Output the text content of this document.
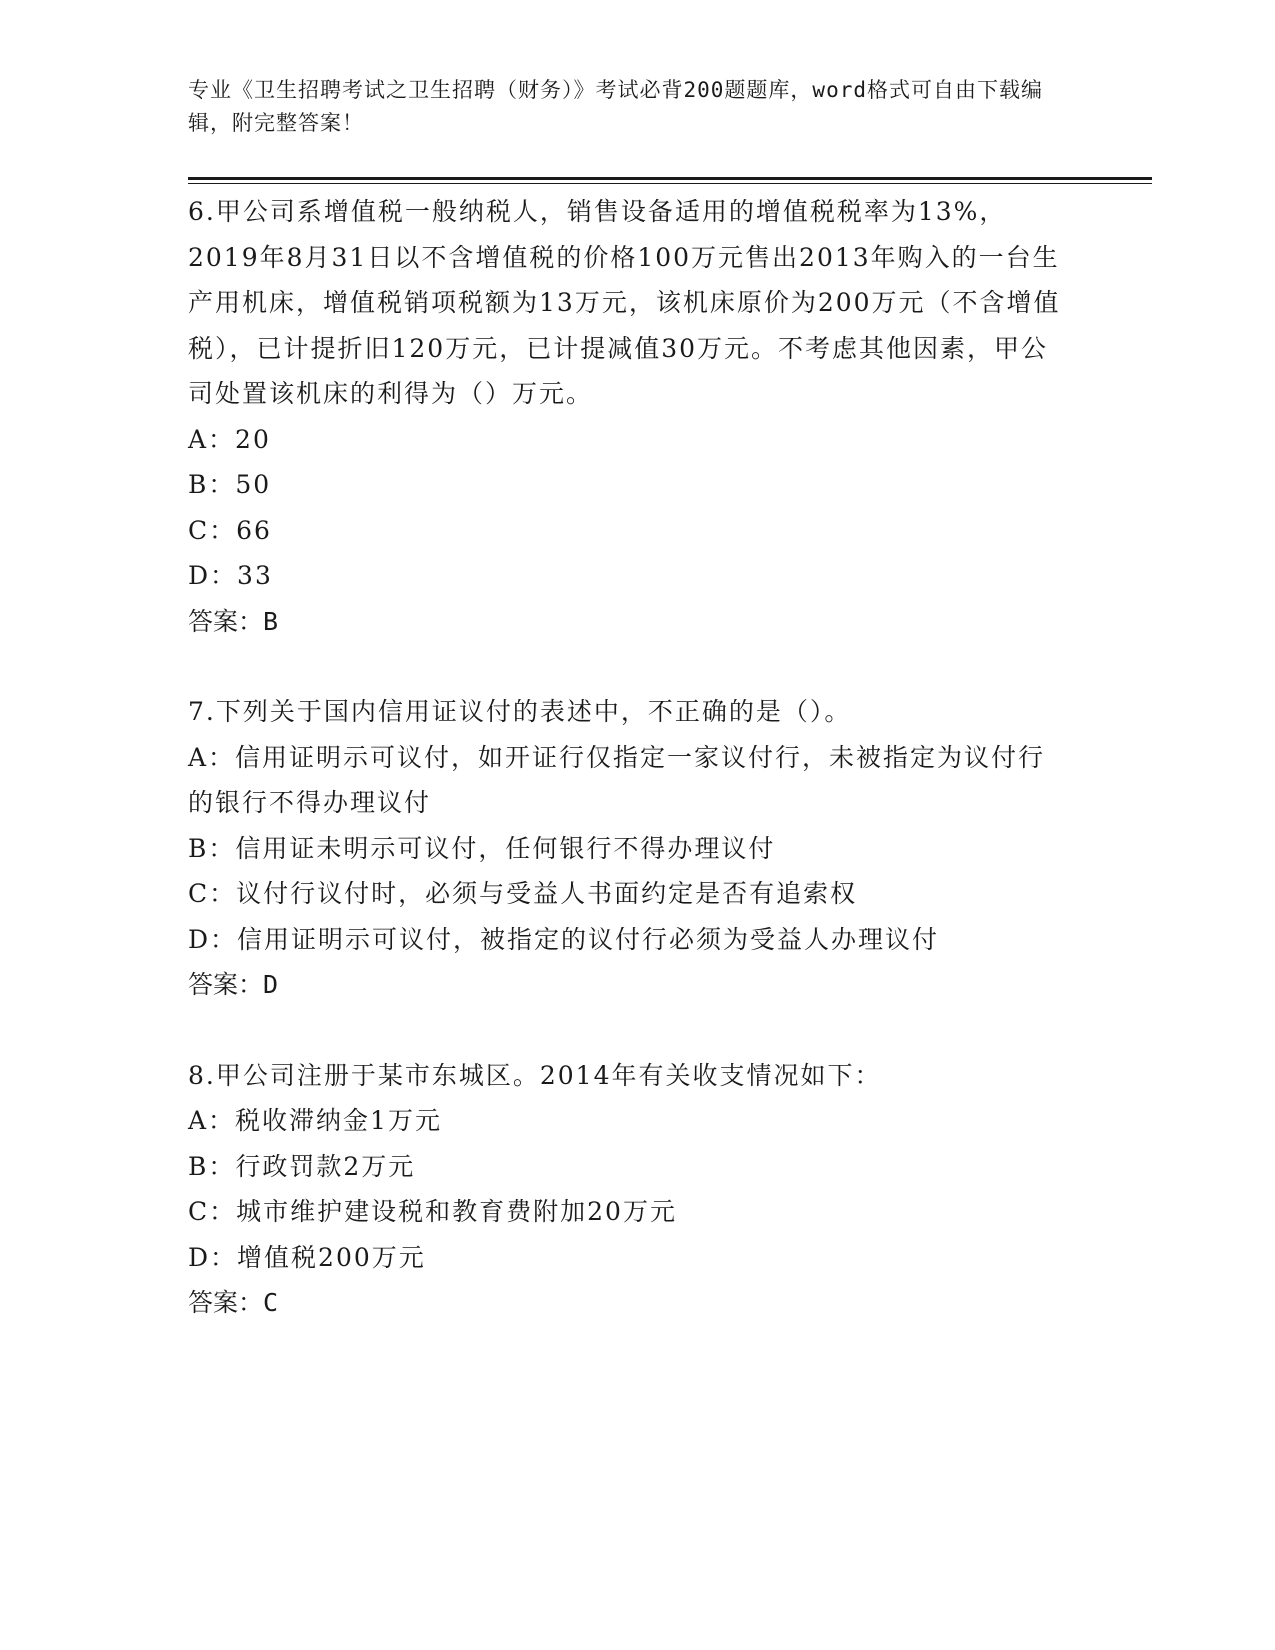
专业《卫生招聘考试之卫生招聘（财务）》考试必背200题题库，word格式可自由下载编辑，附完整答案！
6.甲公司系增值税一般纳税人，销售设备适用的增值税税率为13%，2019年8月31日以不含增值税的价格100万元售出2013年购入的一台生产用机床，增值税销项税额为13万元，该机床原价为200万元（不含增值税），已计提折旧120万元，已计提减值30万元。不考虑其他因素，甲公司处置该机床的利得为（）万元。
A：20
B：50
C：66
D：33
答案：B
7.下列关于国内信用证议付的表述中，不正确的是（）。
A：信用证明示可议付，如开证行仅指定一家议付行，未被指定为议付行的银行不得办理议付
B：信用证未明示可议付，任何银行不得办理议付
C：议付行议付时，必须与受益人书面约定是否有追索权
D：信用证明示可议付，被指定的议付行必须为受益人办理议付
答案：D
8.甲公司注册于某市东城区。2014年有关收支情况如下：
A：税收滞纳金1万元
B：行政罚款2万元
C：城市维护建设税和教育费附加20万元
D：增值税200万元
答案：C
